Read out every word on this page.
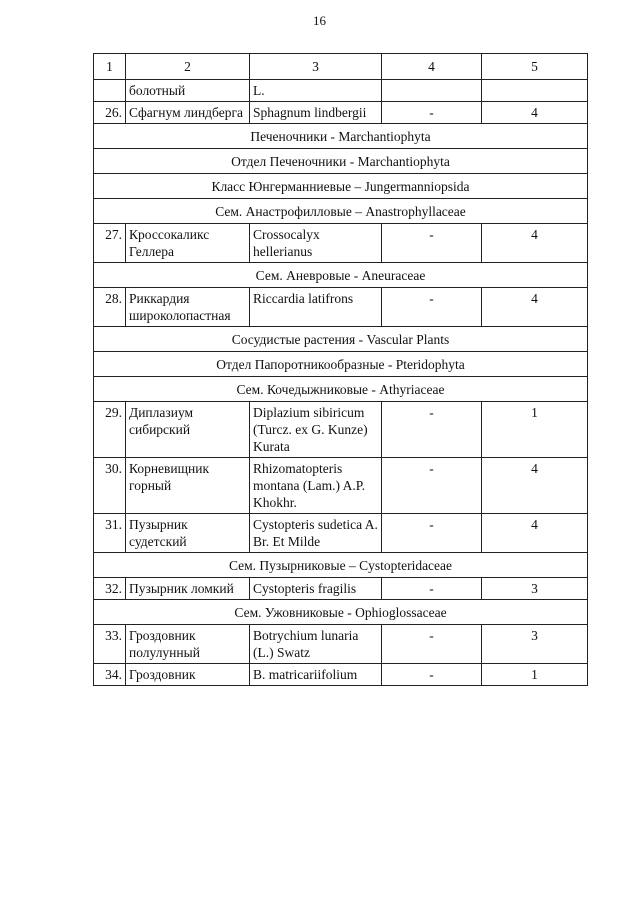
16
1	2	3	4	5
	болотный	L.		
26.	Сфагнум линдберга	Sphagnum lindbergii	-	4
Печеночники - Marchantiophyta				
Отдел Печеночники - Marchantiophyta				
Класс Юнгерманниевые – Jungermanniopsida				
Сем. Анастрофилловые – Anastrophyllaceae				
27.	Кроссокаликс Геллера	Crossocalyx hellerianus	-	4
Сем. Аневровые - Aneuraceae				
28.	Риккардия широколопастная	Riccardia latifrons	-	4
Сосудистые растения - Vascular Plants				
Отдел Папоротникообразные - Pteridophyta				
Сем. Кочедыжниковые - Athyriaceae				
29.	Диплазиум сибирский	Diplazium sibiricum (Turcz. ex G. Kunze) Kurata	-	1
30.	Корневищник горный	Rhizomatopteris montana (Lam.) A.P. Khokhr.	-	4
31.	Пузырник судетский	Cystopteris sudetica A. Br. Et Milde	-	4
Сем. Пузырниковые – Cystopteridaceae				
32.	Пузырник ломкий	Cystopteris fragilis	-	3
Сем. Ужовниковые - Ophioglossaceae				
33.	Гроздовник полулунный	Botrychium lunaria (L.) Swatz	-	3
34.	Гроздовник	B. matricariifolium	-	1
